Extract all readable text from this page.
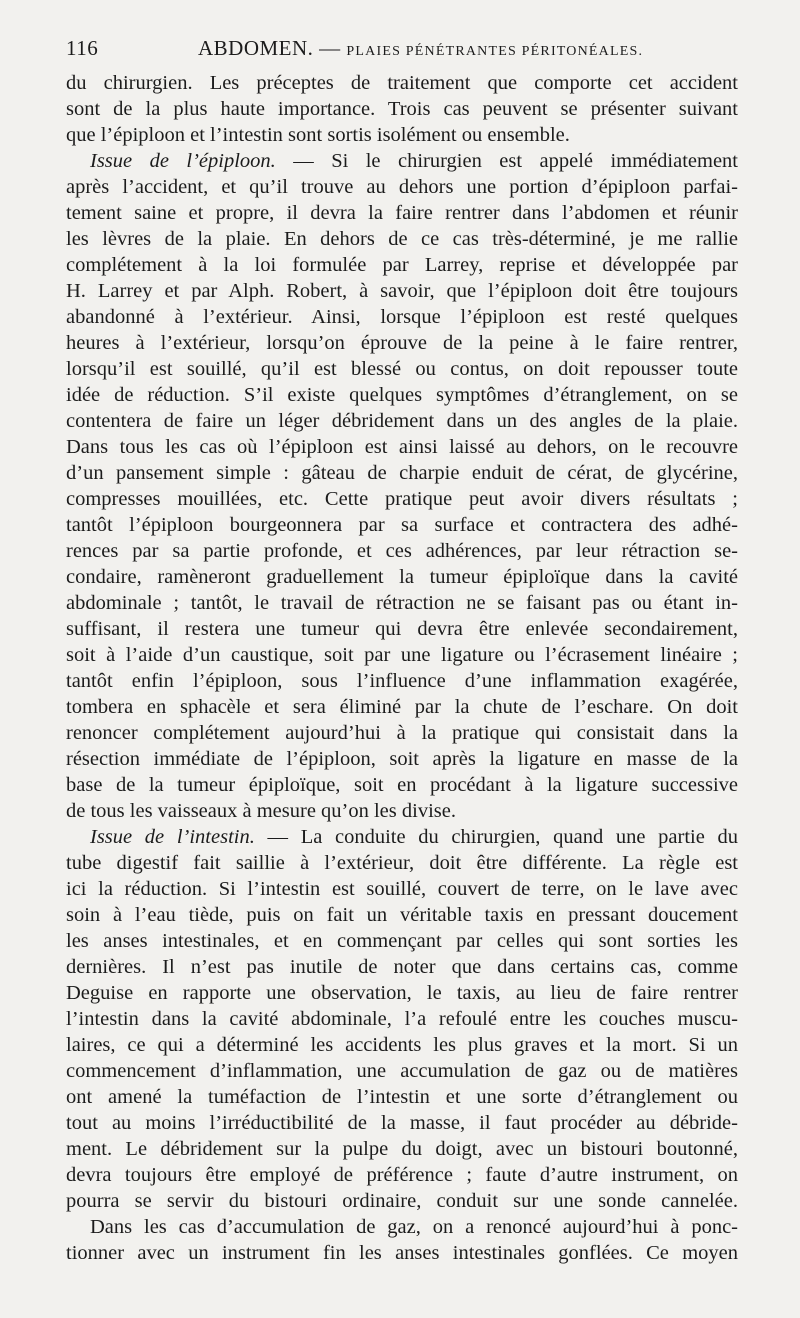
116	ABDOMEN. — PLAIES PÉNÉTRANTES PÉRITONÉALES.
du chirurgien. Les préceptes de traitement que comporte cet accident
sont de la plus haute importance. Trois cas peuvent se présenter suivant
que l’épiploon et l’intestin sont sortis isolément ou ensemble.
Issue de l’épiploon. — Si le chirurgien est appelé immédiatement
après l’accident, et qu’il trouve au dehors une portion d’épiploon parfai-
tement saine et propre, il devra la faire rentrer dans l’abdomen et réunir
les lèvres de la plaie. En dehors de ce cas très-déterminé, je me rallie
complétement à la loi formulée par Larrey, reprise et développée par
H. Larrey et par Alph. Robert, à savoir, que l’épiploon doit être toujours
abandonné à l’extérieur. Ainsi, lorsque l’épiploon est resté quelques
heures à l’extérieur, lorsqu’on éprouve de la peine à le faire rentrer,
lorsqu’il est souillé, qu’il est blessé ou contus, on doit repousser toute
idée de réduction. S’il existe quelques symptômes d’étranglement, on se
contentera de faire un léger débridement dans un des angles de la plaie.
Dans tous les cas où l’épiploon est ainsi laissé au dehors, on le recouvre
d’un pansement simple : gâteau de charpie enduit de cérat, de glycérine,
compresses mouillées, etc. Cette pratique peut avoir divers résultats ;
tantôt l’épiploon bourgeonnera par sa surface et contractera des adhé-
rences par sa partie profonde, et ces adhérences, par leur rétraction se-
condaire, ramèneront graduellement la tumeur épiploïque dans la cavité
abdominale ; tantôt, le travail de rétraction ne se faisant pas ou étant in-
suffisant, il restera une tumeur qui devra être enlevée secondairement,
soit à l’aide d’un caustique, soit par une ligature ou l’écrasement linéaire ;
tantôt enfin l’épiploon, sous l’influence d’une inflammation exagérée,
tombera en sphacèle et sera éliminé par la chute de l’eschare. On doit
renoncer complétement aujourd’hui à la pratique qui consistait dans la
résection immédiate de l’épiploon, soit après la ligature en masse de la
base de la tumeur épiploïque, soit en procédant à la ligature successive
de tous les vaisseaux à mesure qu’on les divise.
Issue de l’intestin. — La conduite du chirurgien, quand une partie du
tube digestif fait saillie à l’extérieur, doit être différente. La règle est
ici la réduction. Si l’intestin est souillé, couvert de terre, on le lave avec
soin à l’eau tiède, puis on fait un véritable taxis en pressant doucement
les anses intestinales, et en commençant par celles qui sont sorties les
dernières. Il n’est pas inutile de noter que dans certains cas, comme
Deguise en rapporte une observation, le taxis, au lieu de faire rentrer
l’intestin dans la cavité abdominale, l’a refoulé entre les couches muscu-
laires, ce qui a déterminé les accidents les plus graves et la mort. Si un
commencement d’inflammation, une accumulation de gaz ou de matières
ont amené la tuméfaction de l’intestin et une sorte d’étranglement ou
tout au moins l’irréductibilité de la masse, il faut procéder au débride-
ment. Le débridement sur la pulpe du doigt, avec un bistouri boutonné,
devra toujours être employé de préférence ; faute d’autre instrument, on
pourra se servir du bistouri ordinaire, conduit sur une sonde cannelée.
Dans les cas d’accumulation de gaz, on a renoncé aujourd’hui à ponc-
tionner avec un instrument fin les anses intestinales gonflées. Ce moyen
